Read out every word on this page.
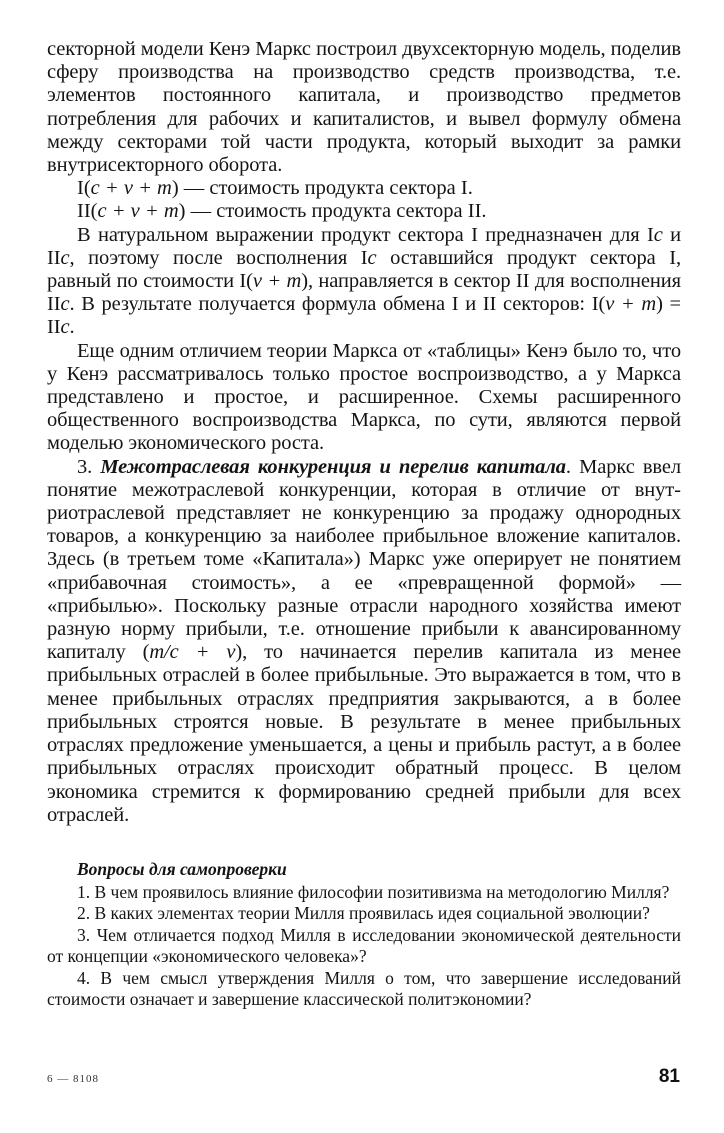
секторной модели Кенэ Маркс построил двухсекторную модель, поделив сферу производства на производство средств производства, т.е. элементов постоянного капитала, и производство предметов потребления для рабочих и капиталистов, и вывел формулу обмена между секторами той части продукта, который выходит за рамки внутрисекторного оборота.

I(c + v + m) — стоимость продукта сектора I.

II(c + v + m) — стоимость продукта сектора II.

В натуральном выражении продукт сектора I предназначен для Ic и IIc, поэтому после восполнения Ic оставшийся продукт сектора I, равный по стоимости I(v + m), направляется в сектор II для восполнения IIc. В результате получается формула обмена I и II секторов: I(v + m) = IIc.

Еще одним отличием теории Маркса от «таблицы» Кенэ было то, что у Кенэ рассматривалось только простое воспроизводство, а у Маркса представлено и простое, и расширенное. Схемы расширенного общественного воспроизводства Маркса, по сути, являются первой моделью экономического роста.

3. Межотраслевая конкуренция и перелив капитала. Маркс ввел понятие межотраслевой конкуренции, которая в отличие от внутриотраслевой представляет не конкуренцию за продажу однородных товаров, а конкуренцию за наиболее прибыльное вложение капиталов. Здесь (в третьем томе «Капитала») Маркс уже оперирует не понятием «прибавочная стоимость», а ее «превращенной формой» — «прибылью». Поскольку разные отрасли народного хозяйства имеют разную норму прибыли, т.е. отношение прибыли к авансированному капиталу (m/c + v), то начинается перелив капитала из менее прибыльных отраслей в более прибыльные. Это выражается в том, что в менее прибыльных отраслях предприятия закрываются, а в более прибыльных строятся новые. В результате в менее прибыльных отраслях предложение уменьшается, а цены и прибыль растут, а в более прибыльных отраслях происходит обратный процесс. В целом экономика стремится к формированию средней прибыли для всех отраслей.

Вопросы для самопроверки

1. В чем проявилось влияние философии позитивизма на методологию Милля?

2. В каких элементах теории Милля проявилась идея социальной эволюции?

3. Чем отличается подход Милля в исследовании экономической деятельности от концепции «экономического человека»?

4. В чем смысл утверждения Милля о том, что завершение исследований стоимости означает и завершение классической политэкономии?

6 — 8108	81
